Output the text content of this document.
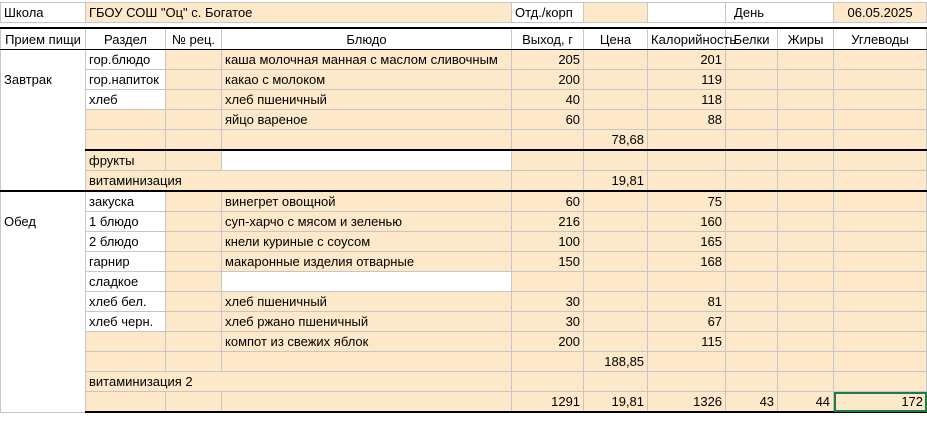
Школа	ГБОУ СОШ "Оц" с. Богатое			Отд./корп			День		06.05.2025

Прием пищи	Раздел	№ рец.	Блюдо	Выход, г	Цена	Калорийность	Белки	Жиры	Углеводы
Завтрак	гор.блюдо		каша молочная манная с маслом сливочным	205		201			
	гор.напиток		какао с молоком	200		119			
	хлеб		хлеб пшеничный	40		118			
			яйцо вареное	60		88			
					78,68				
	фрукты								
	витаминизация				19,81				
Обед	закуска		винегрет овощной	60		75			
	1 блюдо		суп-харчо с мясом и зеленью	216		160			
	2 блюдо		кнели куриные с соусом	100		165			
	гарнир		макаронные изделия отварные	150		168			
	сладкое								
	хлеб бел.		хлеб пшеничный	30		81			
	хлеб черн.		хлеб ржано пшеничный	30		67			
			компот из свежих яблок	200		115			
					188,85				
	витаминизация 2								
				1291	19,81	1326	43	44	172
